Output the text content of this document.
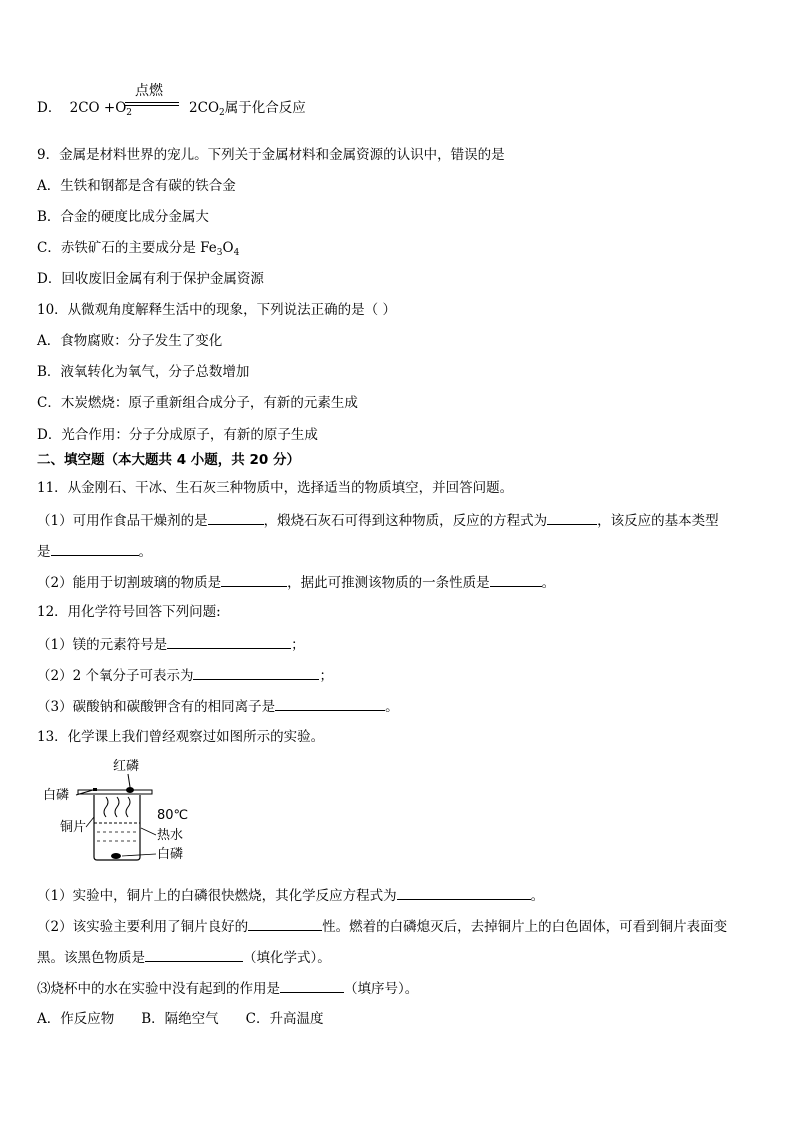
点燃
D． $2CO +O_2$	$2CO_2$属于化合反应
9．金属是材料世界的宠儿。下列关于金属材料和金属资源的认识中，错误的是
A．生铁和钢都是含有碳的铁合金
B．合金的硬度比成分金属大
C．赤铁矿石的主要成分是 $Fe_3O_4$
D．回收废旧金属有利于保护金属资源
10．从微观角度解释生活中的现象，下列说法正确的是（ ）
A．食物腐败：分子发生了变化
B．液氧转化为氧气，分子总数增加
C．木炭燃烧：原子重新组合成分子，有新的元素生成
D．光合作用：分子分成原子，有新的原子生成
二、填空题（本大题共 4 小题，共 20 分）
11．从金刚石、干冰、生石灰三种物质中，选择适当的物质填空，并回答问题。
（1）可用作食品干燥剂的是	，煅烧石灰石可得到这种物质，反应的方程式为	，该反应的基本类型
是	。
（2）能用于切割玻璃的物质是	，据此可推测该物质的一条性质是	。
12．用化学符号回答下列问题:
（1）镁的元素符号是	；
（2）2 个氧分子可表示为	；
（3）碳酸钠和碳酸钾含有的相同离子是	。
13．化学课上我们曾经观察过如图所示的实验。
红磷
白磷
铜片
80℃
热水
白磷
（1）实验中，铜片上的白磷很快燃烧，其化学反应方程式为	。
（2）该实验主要利用了铜片良好的	性。燃着的白磷熄灭后，去掉铜片上的白色固体，可看到铜片表面变
黑。该黑色物质是	（填化学式）。
⑶烧杯中的水在实验中没有起到的作用是	（填序号）。
A．作反应物　　B．隔绝空气　　C．升高温度
